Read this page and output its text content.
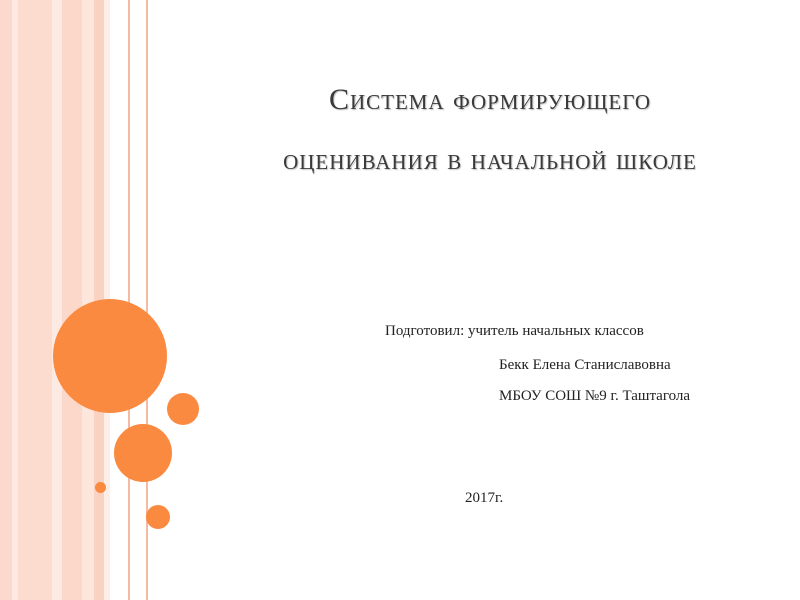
Система формирующего
оценивания в начальной школе
Подготовил: учитель начальных классов
Бекк Елена Станиславовна
МБОУ СОШ №9 г. Таштагола
2017г.
